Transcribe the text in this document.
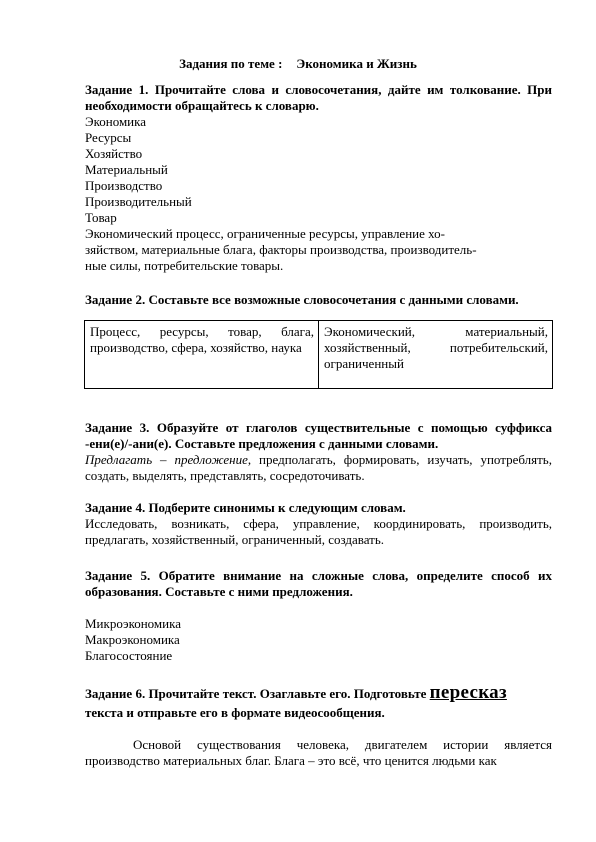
Задания по теме : Экономика и Жизнь
Задание 1. Прочитайте слова и словосочетания, дайте им толкование. При необходимости обращайтесь к словарю.
Экономика
Ресурсы
Хозяйство
Материальный
Производство
Производительный
Товар
Экономический процесс, ограниченные ресурсы, управление хо-
зяйством, материальные блага, факторы производства, производитель-
ные силы, потребительские товары.
Задание 2. Составьте все возможные словосочетания с данными словами.
Процесс, ресурсы, товар, блага, производство, сфера, хозяйство, наука	Экономический, материальный, хозяйственный, потребительский, ограниченный
Задание 3. Образуйте от глаголов существительные с помощью суффикса -ени(е)/-ани(е). Составьте предложения с данными словами.
Предлагать – предложение, предполагать, формировать, изучать, употреблять, создать, выделять, представлять, сосредоточивать.
Задание 4. Подберите синонимы к следующим словам.
Исследовать, возникать, сфера, управление, координировать, производить, предлагать, хозяйственный, ограниченный, создавать.
Задание 5. Обратите внимание на сложные слова, определите способ их образования. Составьте с ними предложения.
Микроэкономика
Макроэкономика
Благосостояние
Задание 6. Прочитайте текст. Озаглавьте его. Подготовьте пересказ
текста и отправьте его в формате видеосообщения.
Основой существования человека, двигателем истории является производство материальных благ. Блага – это всё, что ценится людьми как
